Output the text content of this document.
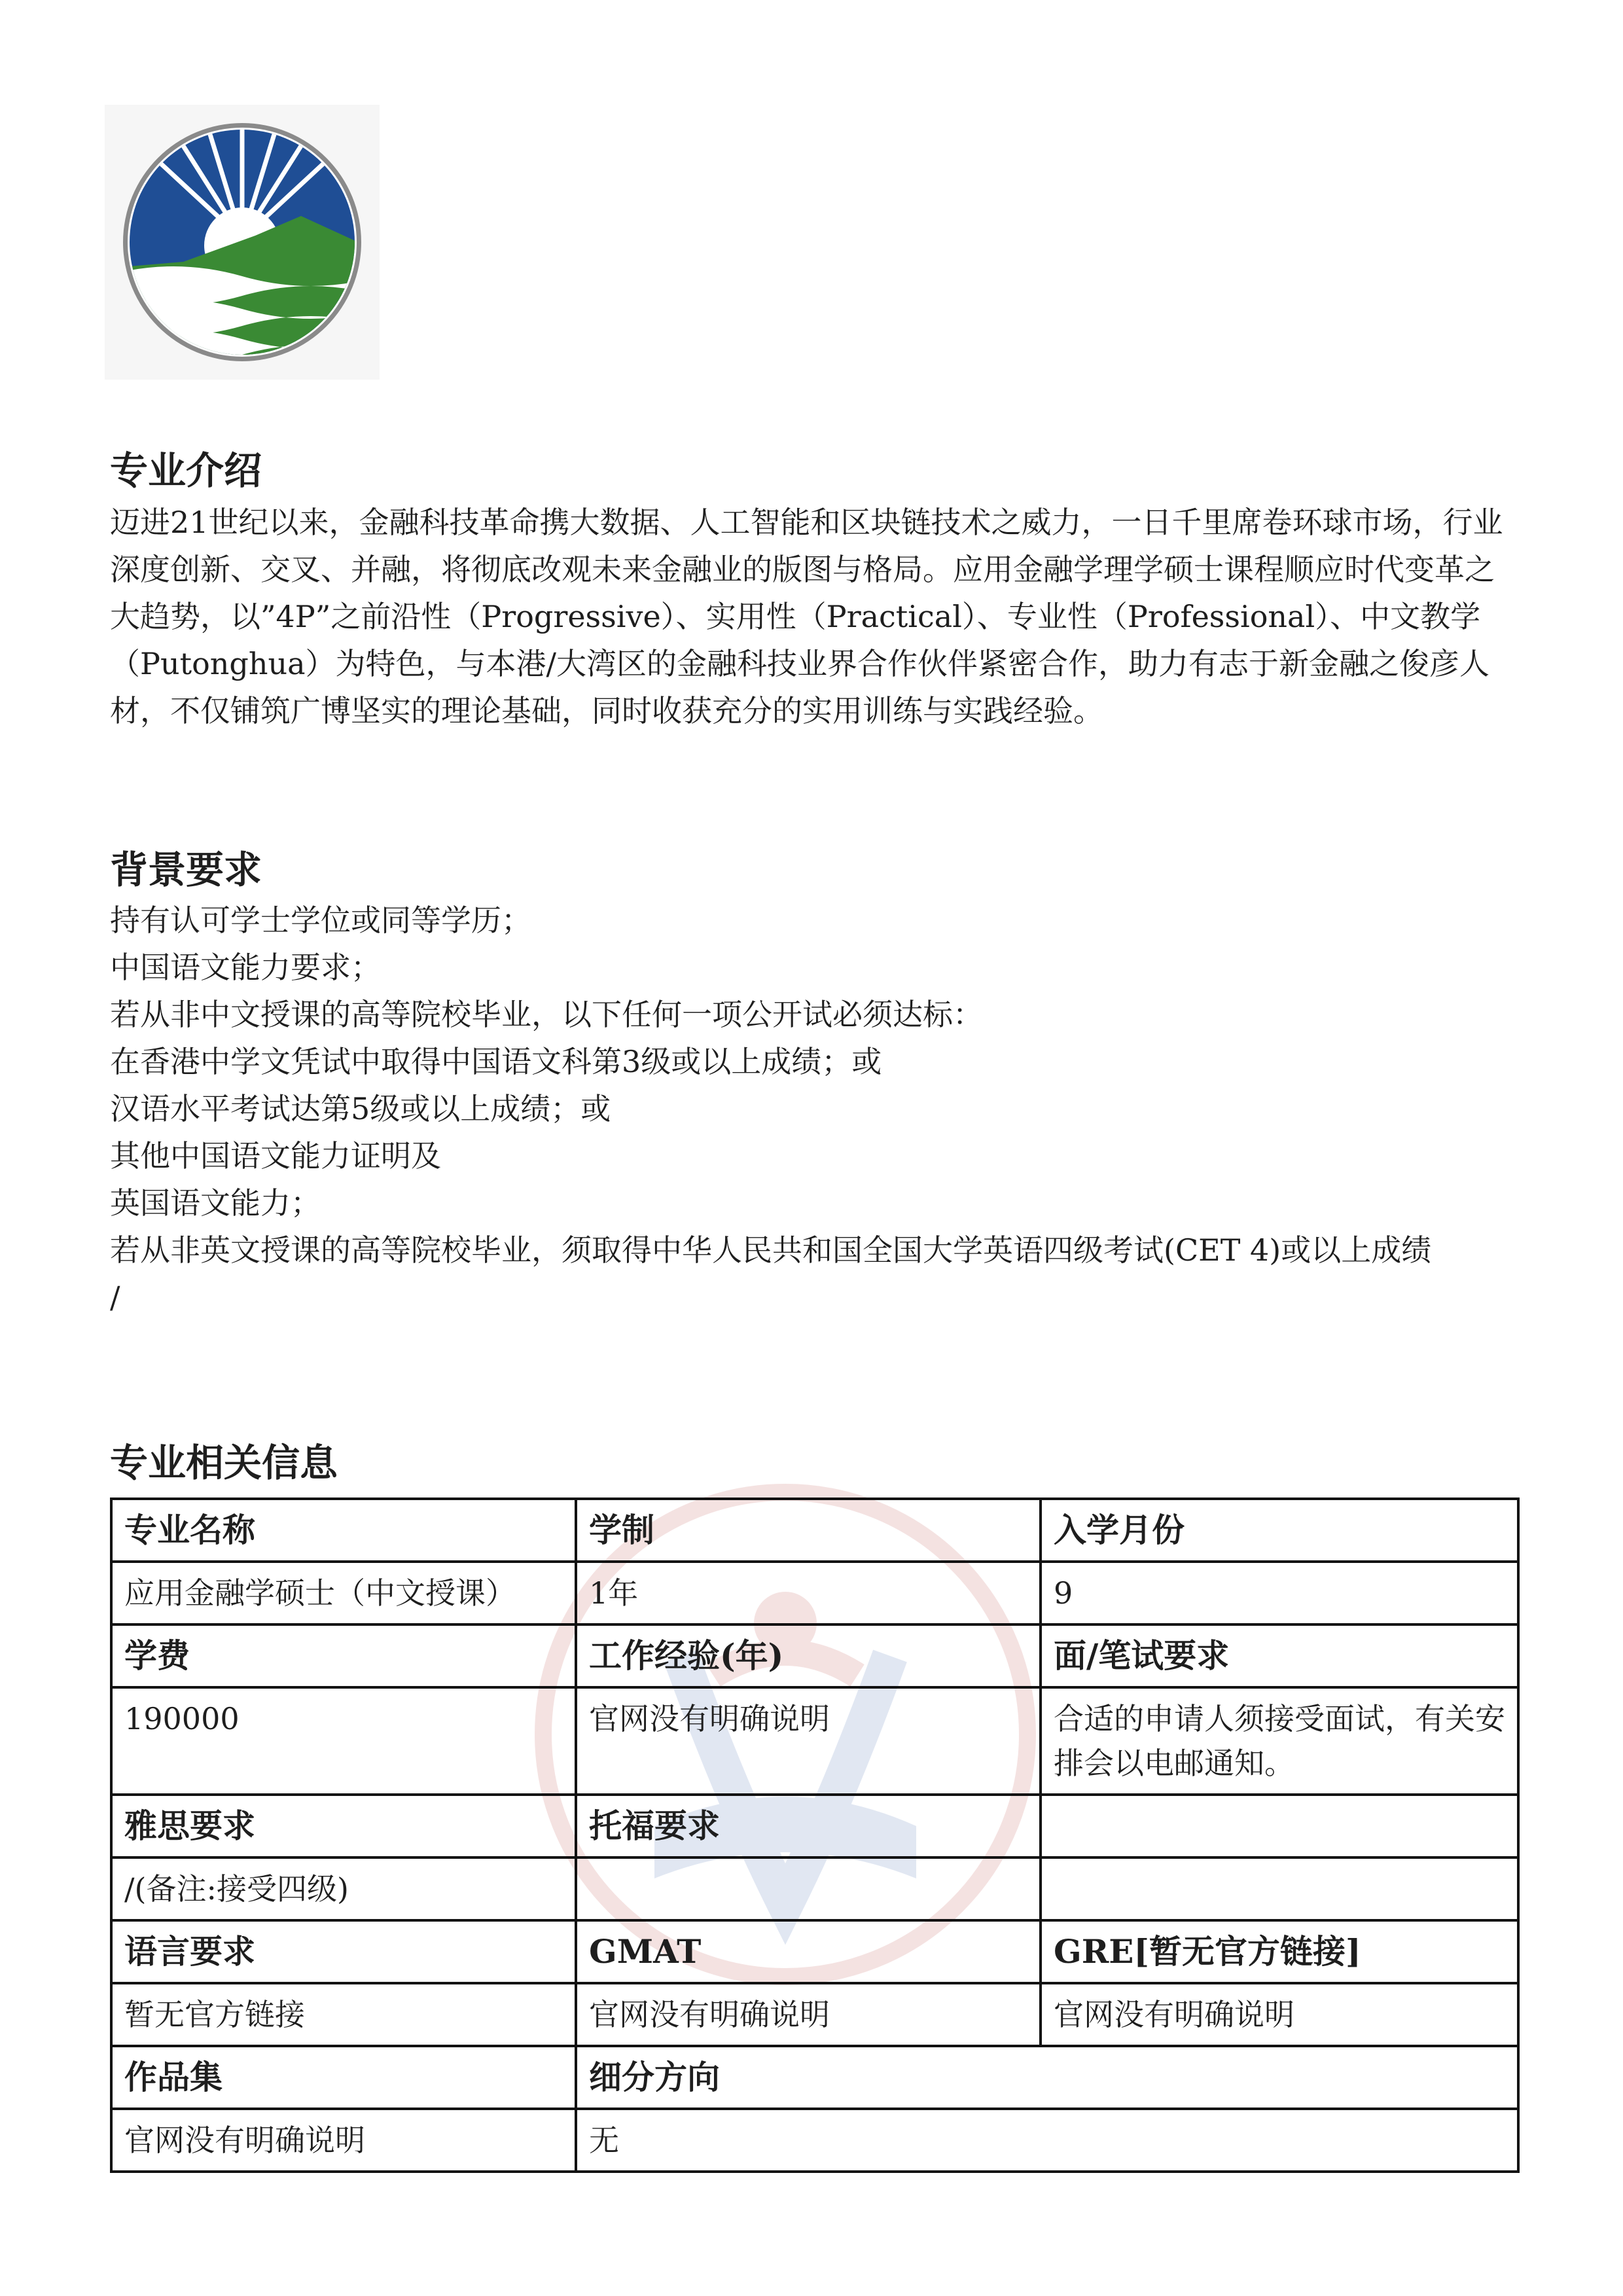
专业介绍

迈进21世纪以来，金融科技革命携大数据、人工智能和区块链技术之威力，一日千里席卷环球市场，行业深度创新、交叉、并融，将彻底改观未来金融业的版图与格局。应用金融学理学硕士课程顺应时代变革之大趋势，以”4P”之前沿性（Progressive）、实用性（Practical）、专业性（Professional）、中文教学（Putonghua）为特色，与本港/大湾区的金融科技业界合作伙伴紧密合作，助力有志于新金融之俊彦人材，不仅铺筑广博坚实的理论基础，同时收获充分的实用训练与实践经验。

背景要求
持有认可学士学位或同等学历；
中国语文能力要求；
若从非中文授课的高等院校毕业，以下任何一项公开试必须达标：
在香港中学文凭试中取得中国语文科第3级或以上成绩；或
汉语水平考试达第5级或以上成绩；或
其他中国语文能力证明及
英国语文能力；
若从非英文授课的高等院校毕业，须取得中华人民共和国全国大学英语四级考试(CET 4)或以上成绩
/
专业相关信息
专业名称	学制	入学月份
应用金融学硕士（中文授课）	1年	9
学费	工作经验(年)	面/笔试要求
190000	官网没有明确说明	合适的申请人须接受面试，有关安排会以电邮通知。
雅思要求	托福要求	
/(备注:接受四级)		
语言要求	GMAT	GRE[暂无官方链接]
暂无官方链接	官网没有明确说明	官网没有明确说明
作品集	细分方向	
官网没有明确说明	无	
